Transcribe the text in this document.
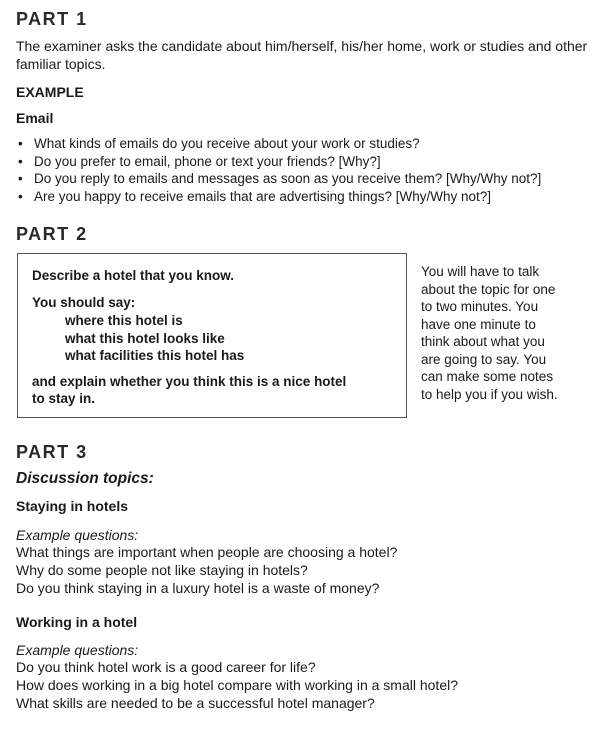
PART 1
The examiner asks the candidate about him/herself, his/her home, work or studies and other familiar topics.
EXAMPLE
Email
• What kinds of emails do you receive about your work or studies?
• Do you prefer to email, phone or text your friends? [Why?]
• Do you reply to emails and messages as soon as you receive them? [Why/Why not?]
• Are you happy to receive emails that are advertising things? [Why/Why not?]
PART 2
Describe a hotel that you know.
You should say:
where this hotel is
what this hotel looks like
what facilities this hotel has
and explain whether you think this is a nice hotel
to stay in.
You will have to talk
about the topic for one
to two minutes. You
have one minute to
think about what you
are going to say. You
can make some notes
to help you if you wish.
PART 3
Discussion topics:
Staying in hotels
Example questions:
What things are important when people are choosing a hotel?
Why do some people not like staying in hotels?
Do you think staying in a luxury hotel is a waste of money?
Working in a hotel
Example questions:
Do you think hotel work is a good career for life?
How does working in a big hotel compare with working in a small hotel?
What skills are needed to be a successful hotel manager?
